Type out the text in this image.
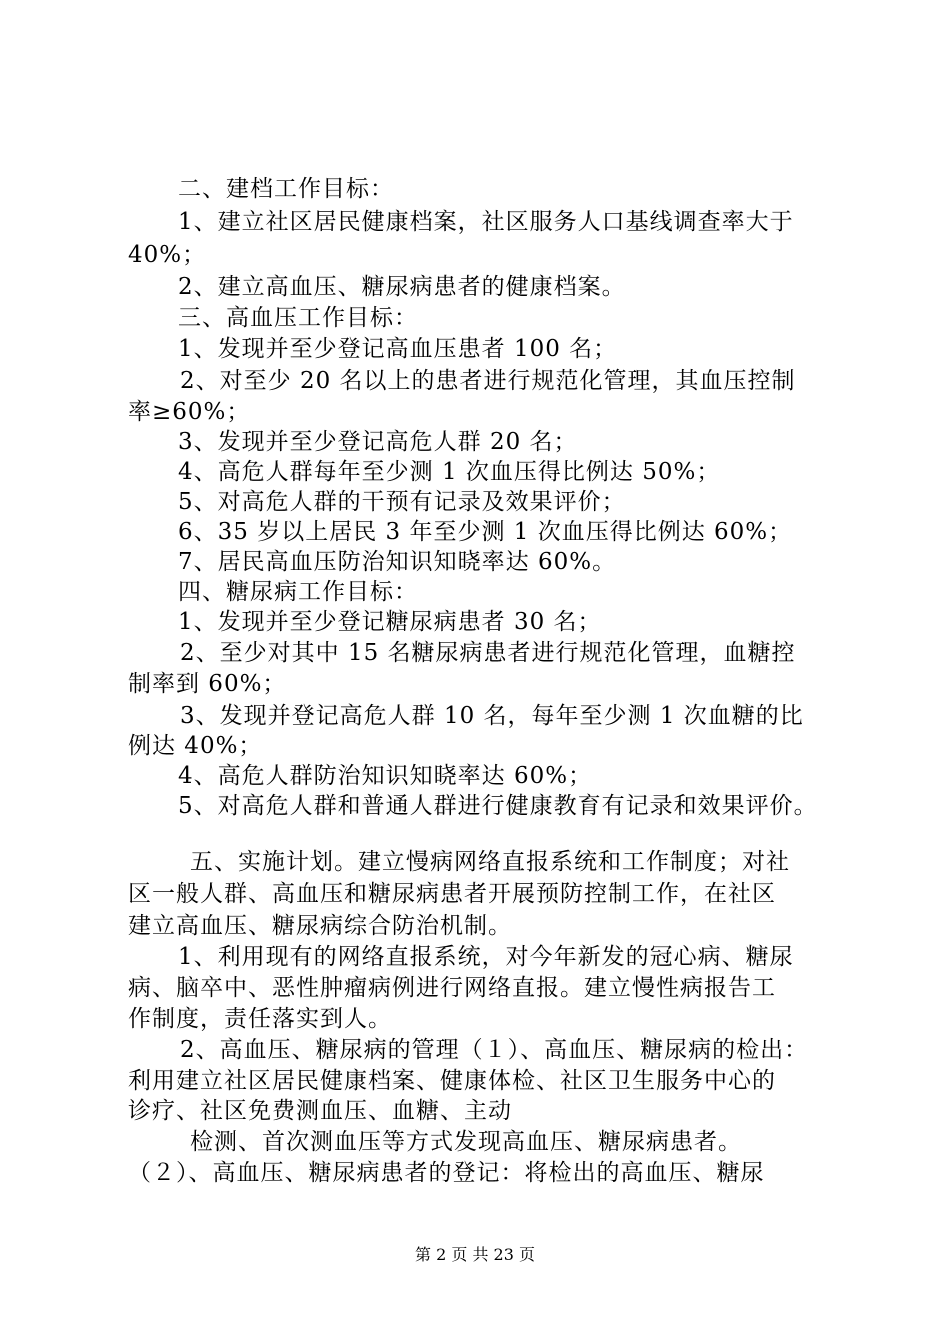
二、建档工作目标：
1、建立社区居民健康档案，社区服务人口基线调查率大于
40%；
2、建立高血压、糖尿病患者的健康档案。
三、高血压工作目标：
1、发现并至少登记高血压患者 100 名；
2、对至少 20 名以上的患者进行规范化管理，其血压控制
率≥60%；
3、发现并至少登记高危人群 20 名；
4、高危人群每年至少测 1 次血压得比例达 50%；
5、对高危人群的干预有记录及效果评价；
6、35 岁以上居民 3 年至少测 1 次血压得比例达 60%；
7、居民高血压防治知识知晓率达 60%。
四、糖尿病工作目标：
1、发现并至少登记糖尿病患者 30 名；
2、至少对其中 15 名糖尿病患者进行规范化管理，血糖控
制率到 60%；
3、发现并登记高危人群 10 名，每年至少测 1 次血糖的比
例达 40%；
4、高危人群防治知识知晓率达 60%；
5、对高危人群和普通人群进行健康教育有记录和效果评价。
五、实施计划。建立慢病网络直报系统和工作制度；对社
区一般人群、高血压和糖尿病患者开展预防控制工作，在社区
建立高血压、糖尿病综合防治机制。
1、利用现有的网络直报系统，对今年新发的冠心病、糖尿
病、脑卒中、恶性肿瘤病例进行网络直报。建立慢性病报告工
作制度，责任落实到人。
2、高血压、糖尿病的管理（１）、高血压、糖尿病的检出：
利用建立社区居民健康档案、健康体检、社区卫生服务中心的
诊疗、社区免费测血压、血糖、主动
检测、首次测血压等方式发现高血压、糖尿病患者。
（２）、高血压、糖尿病患者的登记：将检出的高血压、糖尿
第 2 页 共 23 页
